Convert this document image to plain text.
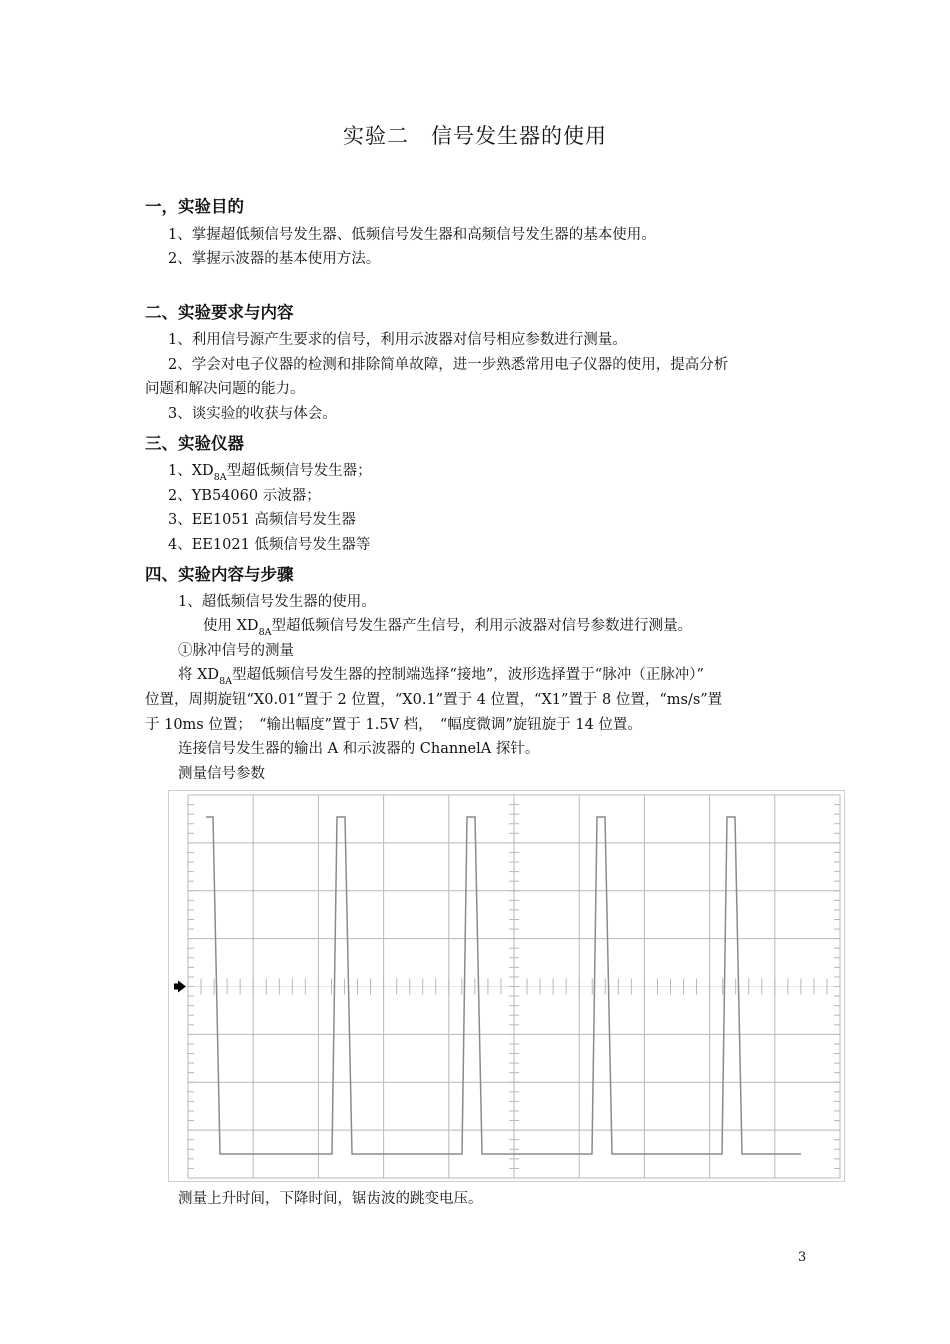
实验二　信号发生器的使用
一，实验目的
1、掌握超低频信号发生器、低频信号发生器和高频信号发生器的基本使用。
2、掌握示波器的基本使用方法。
二、实验要求与内容
1、利用信号源产生要求的信号，利用示波器对信号相应参数进行测量。
2、学会对电子仪器的检测和排除简单故障，进一步熟悉常用电子仪器的使用，提高分析
问题和解决问题的能力。
3、谈实验的收获与体会。
三、实验仪器
1、$XD_{8A}$型超低频信号发生器；
2、YB54060 示波器；
3、EE1051 高频信号发生器
4、EE1021 低频信号发生器等
四、实验内容与步骤
1、超低频信号发生器的使用。
使用 $XD_{8A}$型超低频信号发生器产生信号，利用示波器对信号参数进行测量。
①脉冲信号的测量
将 $XD_{8A}$型超低频信号发生器的控制端选择“接地”，波形选择置于“脉冲（正脉冲）”
位置，周期旋钮“X0.01”置于 2 位置，“X0.1”置于 4 位置，“X1”置于 8 位置，“ms/s”置
于 10ms 位置；　“输出幅度”置于 1.5V 档，　“幅度微调”旋钮旋于 14 位置。
连接信号发生器的输出 A 和示波器的 ChannelA 探针。
测量信号参数
测量上升时间，下降时间，锯齿波的跳变电压。
3
